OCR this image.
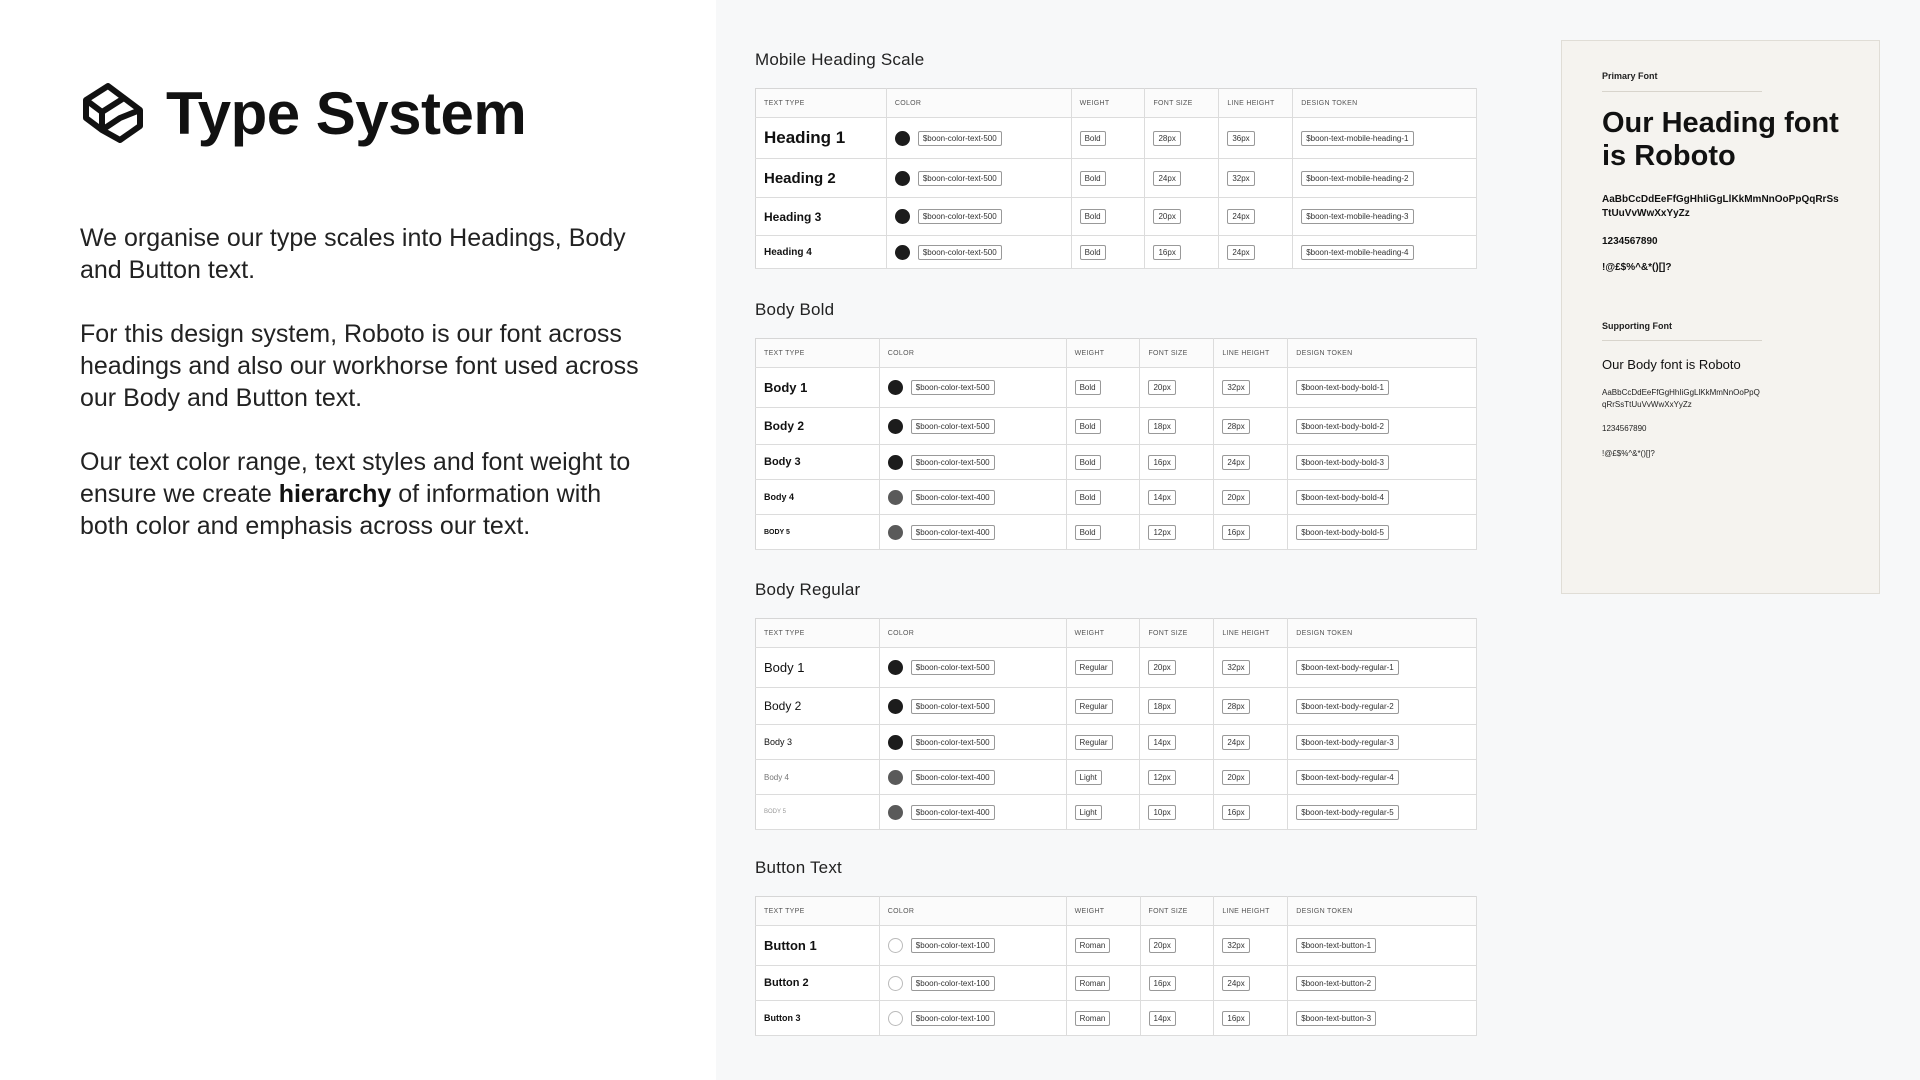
Type System

We organise our type scales into Headings, Body and Button text.

For this design system, Roboto is our font across headings and also our workhorse font used across our Body and Button text.

Our text color range, text styles and font weight to ensure we create hierarchy of information with both color and emphasis across our text.

Mobile Heading Scale
TEXT TYPE	COLOR	WEIGHT	FONT SIZE	LINE HEIGHT	DESIGN TOKEN
Heading 1	$boon-color-text-500	Bold	28px	36px	$boon-text-mobile-heading-1
Heading 2	$boon-color-text-500	Bold	24px	32px	$boon-text-mobile-heading-2
Heading 3	$boon-color-text-500	Bold	20px	24px	$boon-text-mobile-heading-3
Heading 4	$boon-color-text-500	Bold	16px	24px	$boon-text-mobile-heading-4
Body Bold
TEXT TYPE	COLOR	WEIGHT	FONT SIZE	LINE HEIGHT	DESIGN TOKEN
Body 1	$boon-color-text-500	Bold	20px	32px	$boon-text-body-bold-1
Body 2	$boon-color-text-500	Bold	18px	28px	$boon-text-body-bold-2
Body 3	$boon-color-text-500	Bold	16px	24px	$boon-text-body-bold-3
Body 4	$boon-color-text-400	Bold	14px	20px	$boon-text-body-bold-4
BODY 5	$boon-color-text-400	Bold	12px	16px	$boon-text-body-bold-5
Body Regular
TEXT TYPE	COLOR	WEIGHT	FONT SIZE	LINE HEIGHT	DESIGN TOKEN
Body 1	$boon-color-text-500	Regular	20px	32px	$boon-text-body-regular-1
Body 2	$boon-color-text-500	Regular	18px	28px	$boon-text-body-regular-2
Body 3	$boon-color-text-500	Regular	14px	24px	$boon-text-body-regular-3
Body 4	$boon-color-text-400	Light	12px	20px	$boon-text-body-regular-4
BODY 5	$boon-color-text-400	Light	10px	16px	$boon-text-body-regular-5
Button Text
TEXT TYPE	COLOR	WEIGHT	FONT SIZE	LINE HEIGHT	DESIGN TOKEN
Button 1	$boon-color-text-100	Roman	20px	32px	$boon-text-button-1
Button 2	$boon-color-text-100	Roman	16px	24px	$boon-text-button-2
Button 3	$boon-color-text-100	Roman	14px	16px	$boon-text-button-3
Primary Font
Our Heading font is Roboto
AaBbCcDdEeFfGgHhIiGgLlKkMmNnOoPpQqRrSsTtUuVvWwXxYyZz
1234567890
!@£$%^&*()[]?
Supporting Font
Our Body font is Roboto
AaBbCcDdEeFfGgHhIiGgLlKkMmNnOoPpQqRrSsTtUuVvWwXxYyZz
1234567890
!@£$%^&*()[]?
